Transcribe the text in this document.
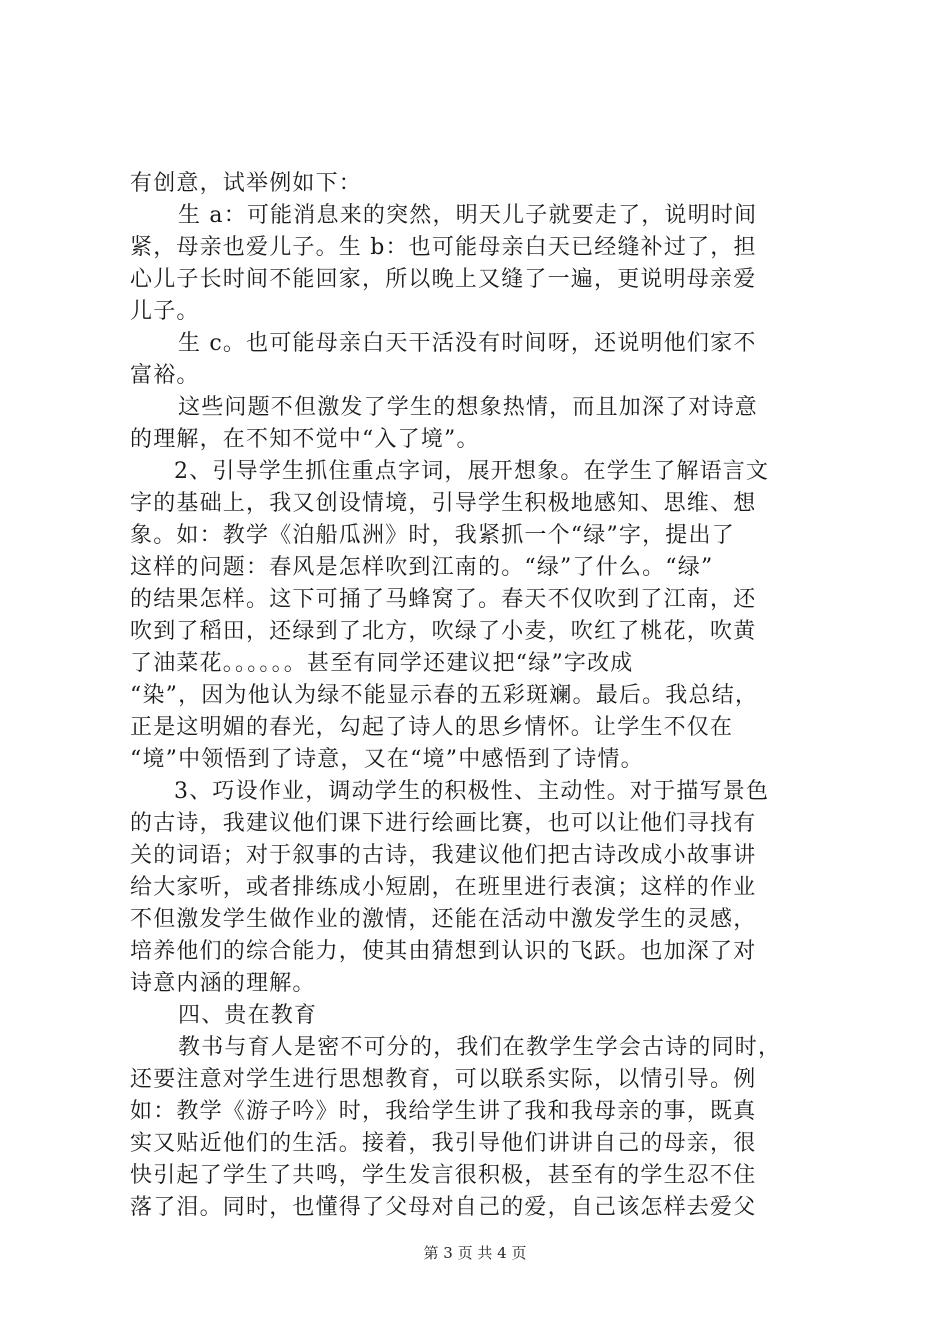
有创意，试举例如下：
生 a：可能消息来的突然，明天儿子就要走了，说明时间
紧，母亲也爱儿子。生 b：也可能母亲白天已经缝补过了，担
心儿子长时间不能回家，所以晚上又缝了一遍，更说明母亲爱
儿子。
生 c。也可能母亲白天干活没有时间呀，还说明他们家不
富裕。
这些问题不但激发了学生的想象热情，而且加深了对诗意
的理解，在不知不觉中“入了境”。
2、引导学生抓住重点字词，展开想象。在学生了解语言文
字的基础上，我又创设情境，引导学生积极地感知、思维、想
象。如：教学《泊船瓜洲》时，我紧抓一个“绿”字，提出了
这样的问题：春风是怎样吹到江南的。“绿”了什么。“绿”
的结果怎样。这下可捅了马蜂窝了。春天不仅吹到了江南，还
吹到了稻田，还绿到了北方，吹绿了小麦，吹红了桃花，吹黄
了油菜花。。。。。。甚至有同学还建议把“绿”字改成
“染”，因为他认为绿不能显示春的五彩斑斓。最后。我总结，
正是这明媚的春光，勾起了诗人的思乡情怀。让学生不仅在
“境”中领悟到了诗意，又在“境”中感悟到了诗情。
3、巧设作业，调动学生的积极性、主动性。对于描写景色
的古诗，我建议他们课下进行绘画比赛，也可以让他们寻找有
关的词语；对于叙事的古诗，我建议他们把古诗改成小故事讲
给大家听，或者排练成小短剧，在班里进行表演；这样的作业
不但激发学生做作业的激情，还能在活动中激发学生的灵感，
培养他们的综合能力，使其由猜想到认识的飞跃。也加深了对
诗意内涵的理解。
四、贵在教育
教书与育人是密不可分的，我们在教学生学会古诗的同时，
还要注意对学生进行思想教育，可以联系实际，以情引导。例
如：教学《游子吟》时，我给学生讲了我和我母亲的事，既真
实又贴近他们的生活。接着，我引导他们讲讲自己的母亲，很
快引起了学生了共鸣，学生发言很积极，甚至有的学生忍不住
落了泪。同时，也懂得了父母对自己的爱，自己该怎样去爱父
第 3 页 共 4 页
